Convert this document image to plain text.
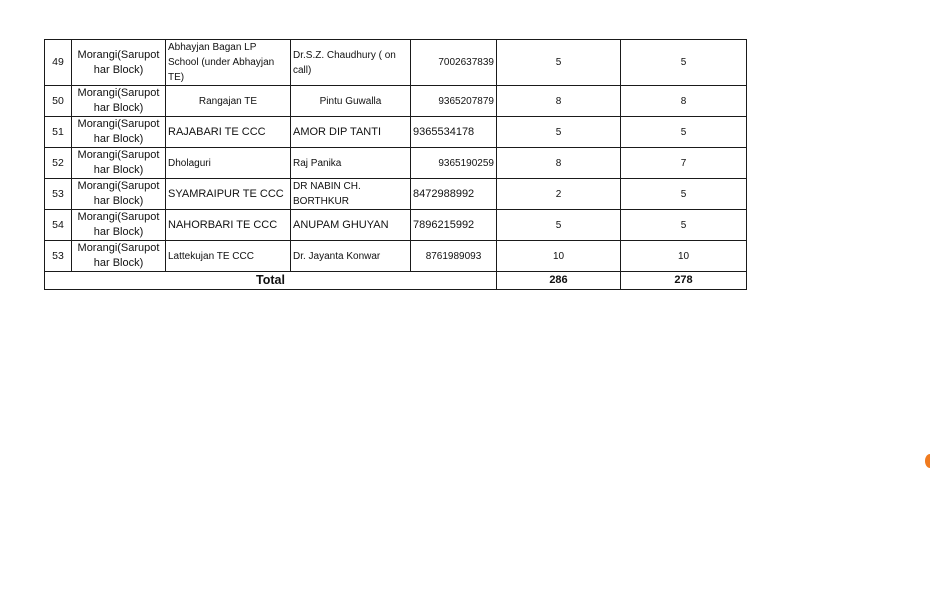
49	Morangi(Sarupot har Block)	Abhayjan Bagan LP School (under Abhayjan TE)	Dr.S.Z. Chaudhury ( on call)	7002637839	5	5
50	Morangi(Sarupot har Block)	Rangajan TE	Pintu Guwalla	9365207879	8	8
51	Morangi(Sarupot har Block)	RAJABARI TE CCC	AMOR DIP TANTI	9365534178	5	5
52	Morangi(Sarupot har Block)	Dholaguri	Raj Panika	9365190259	8	7
53	Morangi(Sarupot har Block)	SYAMRAIPUR TE CCC	DR NABIN CH. BORTHKUR	8472988992	2	5
54	Morangi(Sarupot har Block)	NAHORBARI TE CCC	ANUPAM GHUYAN	7896215992	5	5
53	Morangi(Sarupot har Block)	Lattekujan TE CCC	Dr. Jayanta Konwar	8761989093	10	10
Total					286	278
